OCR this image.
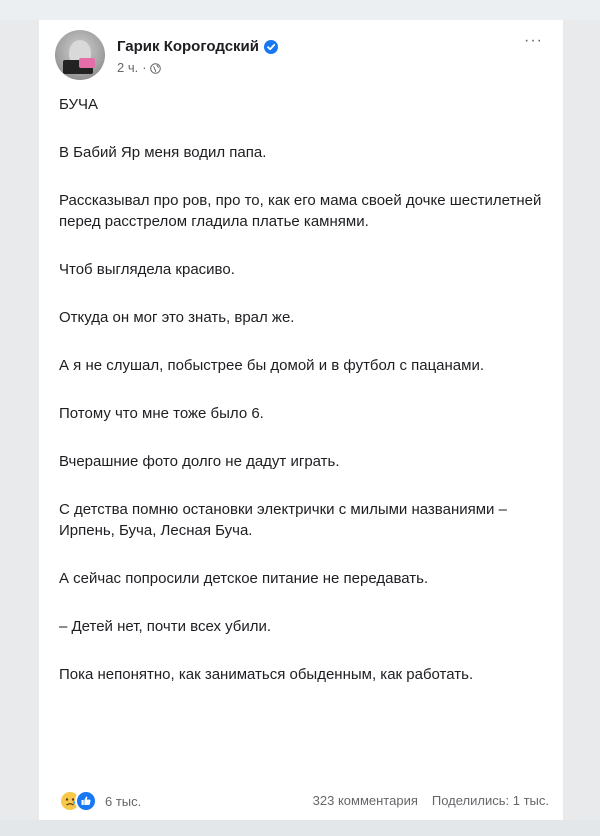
Гарик Корогодский
2 ч. ·
···

БУЧА

В Бабий Яр меня водил папа.

Рассказывал про ров, про то, как его мама своей дочке шестилетней перед расстрелом гладила платье камнями.

Чтоб выглядела красиво.

Откуда он мог это знать, врал же.

А я не слушал, побыстрее бы домой и в футбол с пацанами.

Потому что мне тоже было 6.

Вчерашние фото долго не дадут играть.

С детства помню остановки электрички с милыми названиями – Ирпень, Буча, Лесная Буча.

А сейчас попросили детское питание не передавать.

– Детей нет, почти всех убили.

Пока непонятно, как заниматься обыденным, как работать.

6 тыс.	323 комментария Поделились: 1 тыс.
